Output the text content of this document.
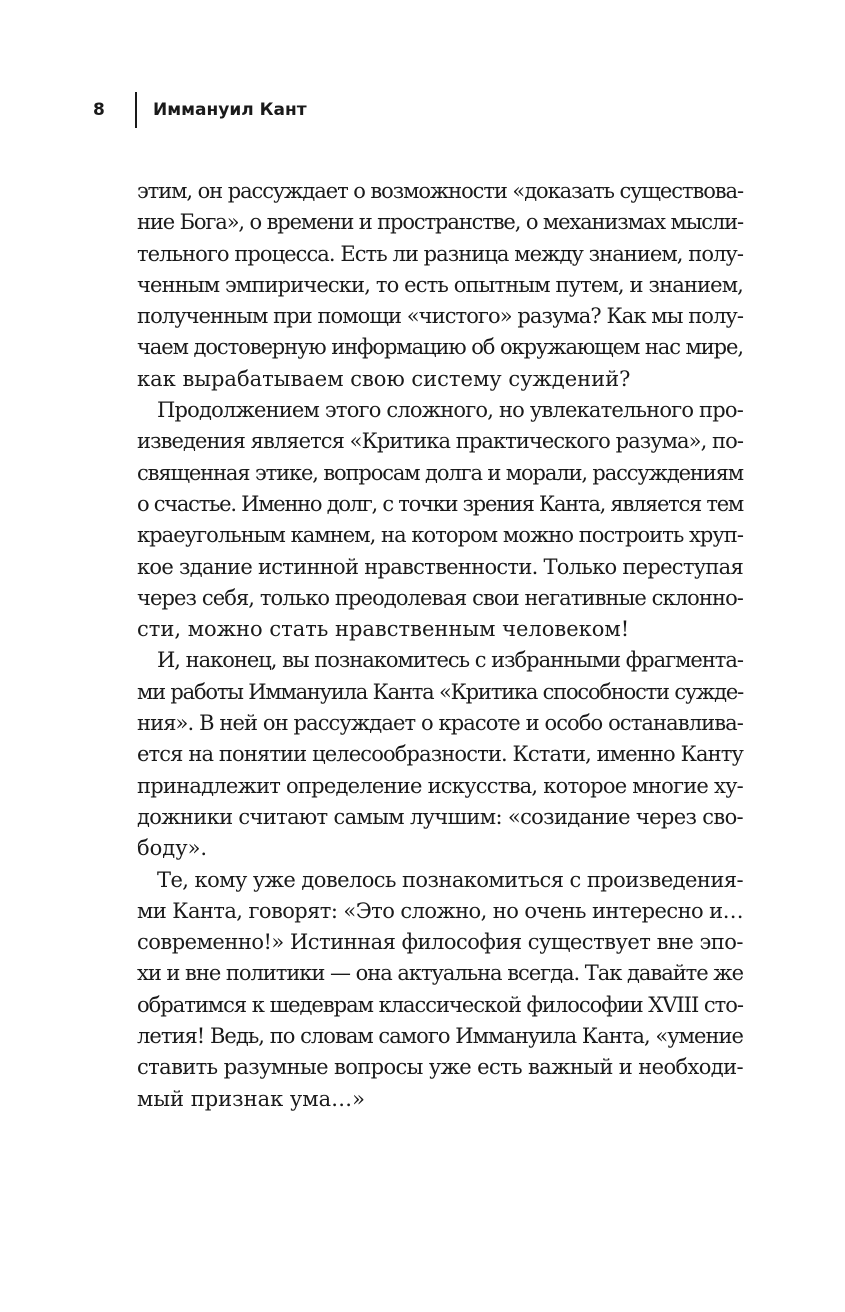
8	Иммануил Кант
этим, он рассуждает о возможности «доказать существова-
ние Бога», о времени и пространстве, о механизмах мысли-
тельного процесса. Есть ли разница между знанием, полу-
ченным эмпирически, то есть опытным путем, и знанием,
полученным при помощи «чистого» разума? Как мы полу-
чаем достоверную информацию об окружающем нас мире,
как вырабатываем свою систему суждений?
Продолжением этого сложного, но увлекательного про-
изведения является «Критика практического разума», по-
священная этике, вопросам долга и морали, рассуждениям
о счастье. Именно долг, с точки зрения Канта, является тем
краеугольным камнем, на котором можно построить хруп-
кое здание истинной нравственности. Только переступая
через себя, только преодолевая свои негативные склонно-
сти, можно стать нравственным человеком!
И, наконец, вы познакомитесь с избранными фрагмента-
ми работы Иммануила Канта «Критика способности сужде-
ния». В ней он рассуждает о красоте и особо останавлива-
ется на понятии целесообразности. Кстати, именно Канту
принадлежит определение искусства, которое многие ху-
дожники считают самым лучшим: «созидание через сво-
боду».
Те, кому уже довелось познакомиться с произведения-
ми Канта, говорят: «Это сложно, но очень интересно и…
современно!» Истинная философия существует вне эпо-
хи и вне политики — она актуальна всегда. Так давайте же
обратимся к шедеврам классической философии XVIII сто-
летия! Ведь, по словам самого Иммануила Канта, «умение
ставить разумные вопросы уже есть важный и необходи-
мый признак ума…»
